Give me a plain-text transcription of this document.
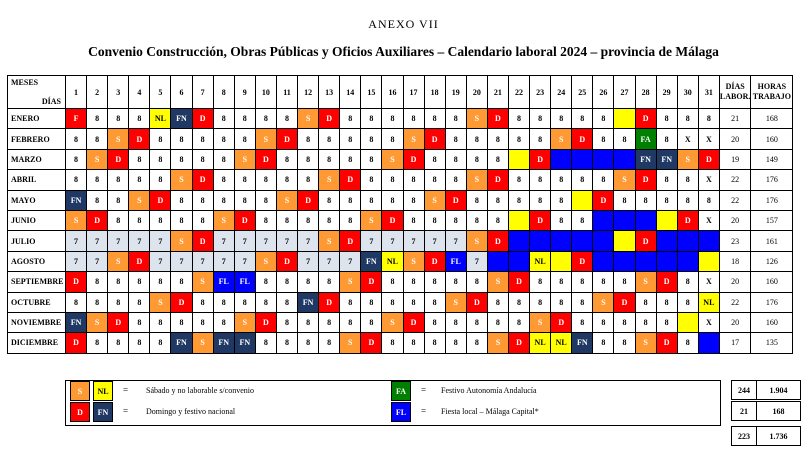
ANEXO VII
Convenio Construcción, Obras Públicas y Oficios Auxiliares – Calendario laboral 2024 – provincia de Málaga
MESES
DÍAS	1	2	3	4	5	6	7	8	9	10	11	12	13	14	15	16	17	18	19	20	21	22	23	24	25	26	27	28	29	30	31	DÍAS LABOR.	HORAS TRABAJO
ENERO	F	8	8	8	NL	FN	D	8	8	8	8	S	D	8	8	8	8	8	8	S	D	8	8	8	8	8		D	8	8	8	21	168
FEBRERO	8	8	S	D	8	8	8	8	8	S	D	8	8	8	8	8	S	D	8	8	8	8	8	S	D	8	8	FA	8	X	X	20	160
MARZO	8	S	D	8	8	8	8	8	S	D	8	8	8	8	8	S	D	8	8	8	8		D					FN	FN	S	D	19	149
ABRIL	8	8	8	8	8	S	D	8	8	8	8	8	S	D	8	8	8	8	8	S	D	8	8	8	8	8	S	D	8	8	X	22	176
MAYO	FN	8	8	S	D	8	8	8	8	8	S	D	8	8	8	8	8	S	D	8	8	8	8	8		D	8	8	8	8	8	22	176
JUNIO	S	D	8	8	8	8	8	S	D	8	8	8	8	8	S	D	8	8	8	8	8		D	8	8					D	X	20	157
JULIO	7	7	7	7	7	S	D	7	7	7	7	7	S	D	7	7	7	7	7	S	D							D				23	161
AGOSTO	7	7	S	D	7	7	7	7	7	S	D	7	7	7	FN	NL	S	D	FL	7			NL		D							18	126
SEPTIEMBRE	D	8	8	8	8	8	S	FL	FL	8	8	8	8	S	D	8	8	8	8	8	S	D	8	8	8	8	8	S	D	8	X	20	160
OCTUBRE	8	8	8	8	S	D	8	8	8	8	8	FN	D	8	8	8	8	8	S	D	8	8	8	8	8	S	D	8	8	8	NL	22	176
NOVIEMBRE	FN	S	D	8	8	8	8	8	S	D	8	8	8	8	8	S	D	8	8	8	8	8	S	D	8	8	8	8	8		X	20	160
DICIEMBRE	D	8	8	8	8	FN	S	FN	FN	8	8	8	8	S	D	8	8	8	8	8	S	D	NL	NL	FN	8	8	S	D	8		17	135
S	NL	= Sábado y no laborable s/convenio
D	FN	= Domingo y festivo nacional
FA	= Festivo Autonomía Andalucía
FL	= Fiesta local – Málaga Capital*
244	1.904
21	168
223	1.736
